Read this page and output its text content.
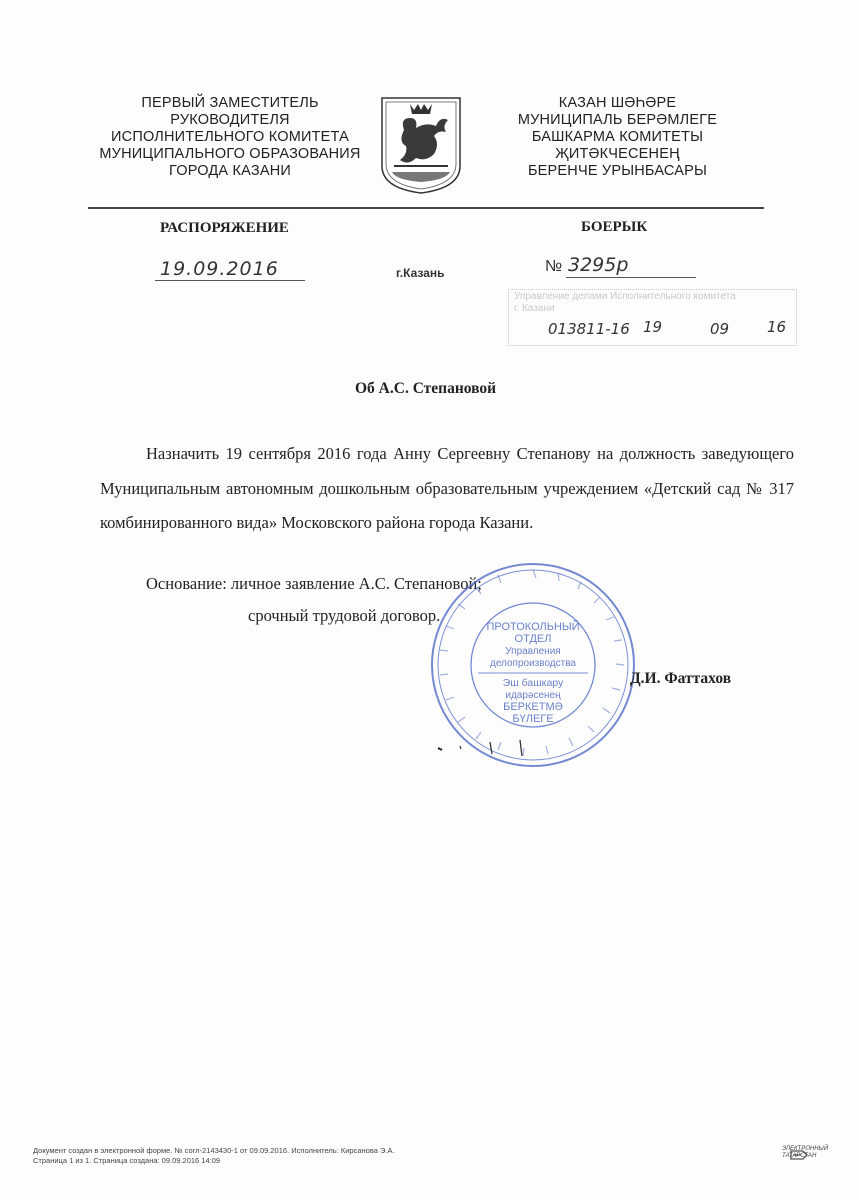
ПЕРВЫЙ ЗАМЕСТИТЕЛЬ
РУКОВОДИТЕЛЯ
ИСПОЛНИТЕЛЬНОГО КОМИТЕТА
МУНИЦИПАЛЬНОГО ОБРАЗОВАНИЯ
ГОРОДА КАЗАНИ
КАЗАН ШӘҺӘРЕ
МУНИЦИПАЛЬ БЕРӘМЛЕГЕ
БАШКАРМА КОМИТЕТЫ
ҖИТӘКЧЕСЕНЕҢ
БЕРЕНЧЕ УРЫНБАСАРЫ
РАСПОРЯЖЕНИЕ	БОЕРЫК
19.09.2016	г.Казань	№ 3295р
Управление делами Исполнительного комитета
г. Казани
013811-16 19	09	16
Об А.С. Степановой
Назначить 19 сентября 2016 года Анну Сергеевну Степанову на должность заведующего Муниципальным автономным дошкольным образовательным учреждением «Детский сад № 317 комбинированного вида» Московского района города Казани.
Основание: личное заявление А.С. Степановой;
срочный трудовой договор.
ПРОТОКОЛЬНЫЙ
ОТДЕЛ
Управления
делопроизводства
Эш башкару
идарәсенең
БЕРКЕТМӘ
БҮЛЕГЕ
Д.И. Фаттахов
Документ создан в электронной форме. № согл-2143430-1 от 09.09.2016. Исполнитель: Кирсанова Э.А.
Страница 1 из 1. Страница создана: 09.09.2016 14:09
ЭЛЕКТРОННЫЙ
ТАТАРСТАН
